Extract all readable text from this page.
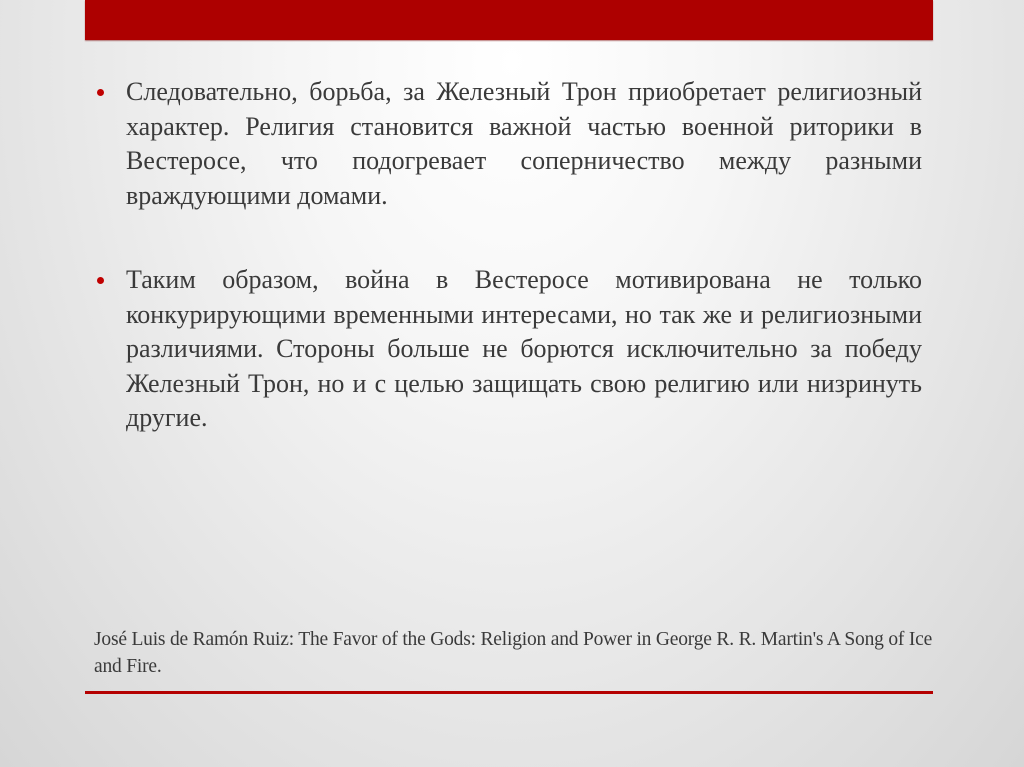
Следовательно, борьба, за Железный Трон приобретает религиозный характер. Религия становится важной частью военной риторики в Вестеросе, что подогревает соперничество между разными враждующими домами.

Таким образом, война в Вестеросе мотивирована не только конкурирующими временными интересами, но так же и религиозными различиями. Стороны больше не борются исключительно за победу Железный Трон, но и с целью защищать свою религию или низринуть другие.

José Luis de Ramón Ruiz: The Favor of the Gods: Religion and Power in George R. R. Martin's A Song of Ice and Fire.
